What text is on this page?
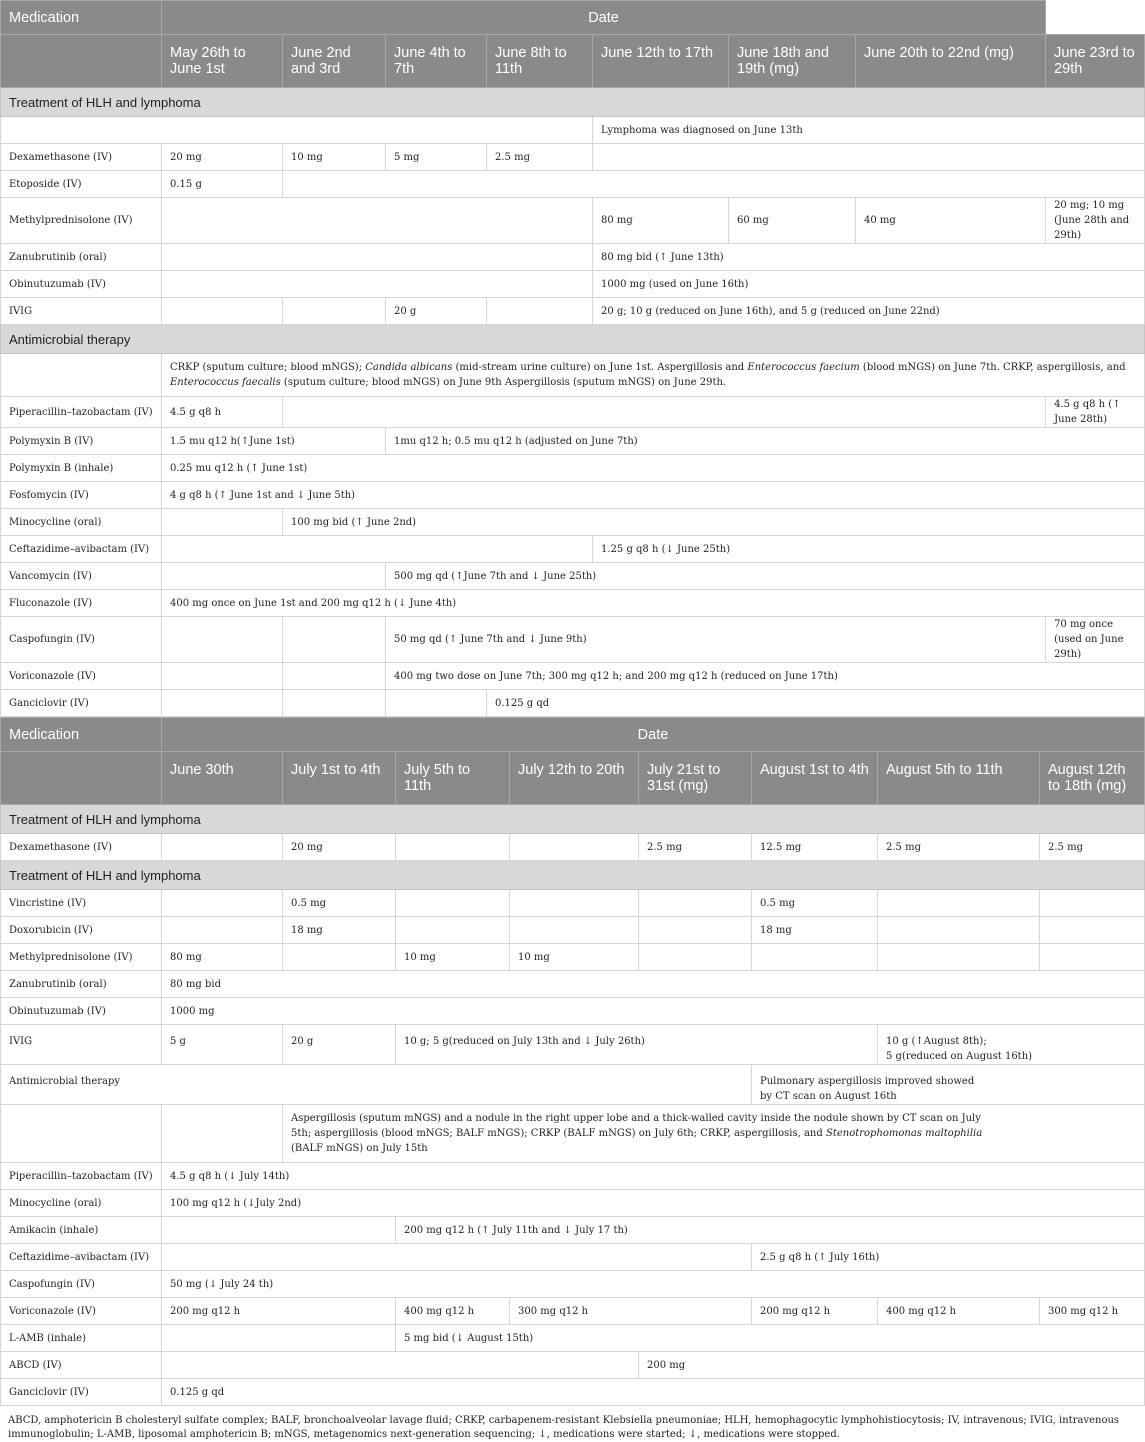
Medication	Date							
	May 26th to June 1st	June 2nd and 3rd	June 4th to 7th	June 8th to 11th	June 12th to 17th	June 18th and 19th (mg)	June 20th to 22nd (mg)	June 23rd to 29th
Treatment of HLH and lymphoma								
					Lymphoma was diagnosed on June 13th			
Dexamethasone (IV)	20 mg	10 mg	5 mg	2.5 mg				
Etoposide (IV)	0.15 g							
Methylprednisolone (IV)					80 mg	60 mg	40 mg	20 mg; 10 mg (June 28th and 29th)
Zanubrutinib (oral)					80 mg bid (↑ June 13th)			
Obinutuzumab (IV)					1000 mg (used on June 16th)			
IVIG			20 g		20 g; 10 g (reduced on June 16th), and 5 g (reduced on June 22nd)			
Antimicrobial therapy								
	CRKP (sputum culture; blood mNGS); Candida albicans (mid-stream urine culture) on June 1st. Aspergillosis and Enterococcus faecium (blood mNGS) on June 7th. CRKP, aspergillosis, and Enterococcus faecalis (sputum culture; blood mNGS) on June 9th Aspergillosis (sputum mNGS) on June 29th.							
Piperacillin–tazobactam (IV)	4.5 g q8 h							4.5 g q8 h (↑ June 28th)
Polymyxin B (IV)	1.5 mu q12 h(↑June 1st)		1mu q12 h; 0.5 mu q12 h (adjusted on June 7th)					
Polymyxin B (inhale)	0.25 mu q12 h (↑ June 1st)							
Fosfomycin (IV)	4 g q8 h (↑ June 1st and ↓ June 5th)							
Minocycline (oral)		100 mg bid (↑ June 2nd)						
Ceftazidime–avibactam (IV)					1.25 g q8 h (↓ June 25th)			
Vancomycin (IV)			500 mg qd (↑June 7th and ↓ June 25th)					
Fluconazole (IV)	400 mg once on June 1st and 200 mg q12 h (↓ June 4th)							
Caspofungin (IV)			50 mg qd (↑ June 7th and ↓ June 9th)					70 mg once (used on June 29th)
Voriconazole (IV)			400 mg two dose on June 7th; 300 mg q12 h; and 200 mg q12 h (reduced on June 17th)					
Ganciclovir (IV)				0.125 g qd				
Medication	Date							
	June 30th	July 1st to 4th	July 5th to 11th	July 12th to 20th	July 21st to 31st (mg)	August 1st to 4th	August 5th to 11th	August 12th to 18th (mg)
Treatment of HLH and lymphoma								
Dexamethasone (IV)		20 mg			2.5 mg	12.5 mg	2.5 mg	2.5 mg
Treatment of HLH and lymphoma								
Vincristine (IV)		0.5 mg				0.5 mg		
Doxorubicin (IV)		18 mg				18 mg		
Methylprednisolone (IV)	80 mg		10 mg	10 mg				
Zanubrutinib (oral)	80 mg bid							
Obinutuzumab (IV)	1000 mg							
IVIG	5 g	20 g	10 g; 5 g(reduced on July 13th and ↓ July 26th)				10 g (↑August 8th);
5 g(reduced on August 16th)	

Antimicrobial therapy						Pulmonary aspergillosis improved showed
by CT scan on August 16th		

		Aspergillosis (sputum mNGS) and a nodule in the right upper lobe and a thick-walled cavity inside the nodule shown by CT scan on July 5th; aspergillosis (blood mNGS; BALF mNGS); CRKP (BALF mNGS) on July 6th; CRKP, aspergillosis, and Stenotrophomonas maltophilia (BALF mNGS) on July 15th						
Piperacillin–tazobactam (IV)	4.5 g q8 h (↓ July 14th)							
Minocycline (oral)	100 mg q12 h (↓July 2nd)							
Amikacin (inhale)			200 mg q12 h (↑ July 11th and ↓ July 17 th)					
Ceftazidime–avibactam (IV)						2.5 g q8 h (↑ July 16th)		
Caspofungin (IV)	50 mg (↓ July 24 th)							
Voriconazole (IV)	200 mg q12 h		400 mg q12 h	300 mg q12 h		200 mg q12 h	400 mg q12 h	300 mg q12 h
L-AMB (inhale)			5 mg bid (↓ August 15th)					
ABCD (IV)					200 mg			
Ganciclovir (IV)	0.125 g qd							
ABCD, amphotericin B cholesteryl sulfate complex; BALF, bronchoalveolar lavage fluid; CRKP, carbapenem-resistant Klebsiella pneumoniae; HLH, hemophagocytic lymphohistiocytosis; IV, intravenous; IVIG, intravenous immunoglobulin; L-AMB, liposomal amphotericin B; mNGS, metagenomics next-generation sequencing; ↓, medications were started; ↓, medications were stopped.
